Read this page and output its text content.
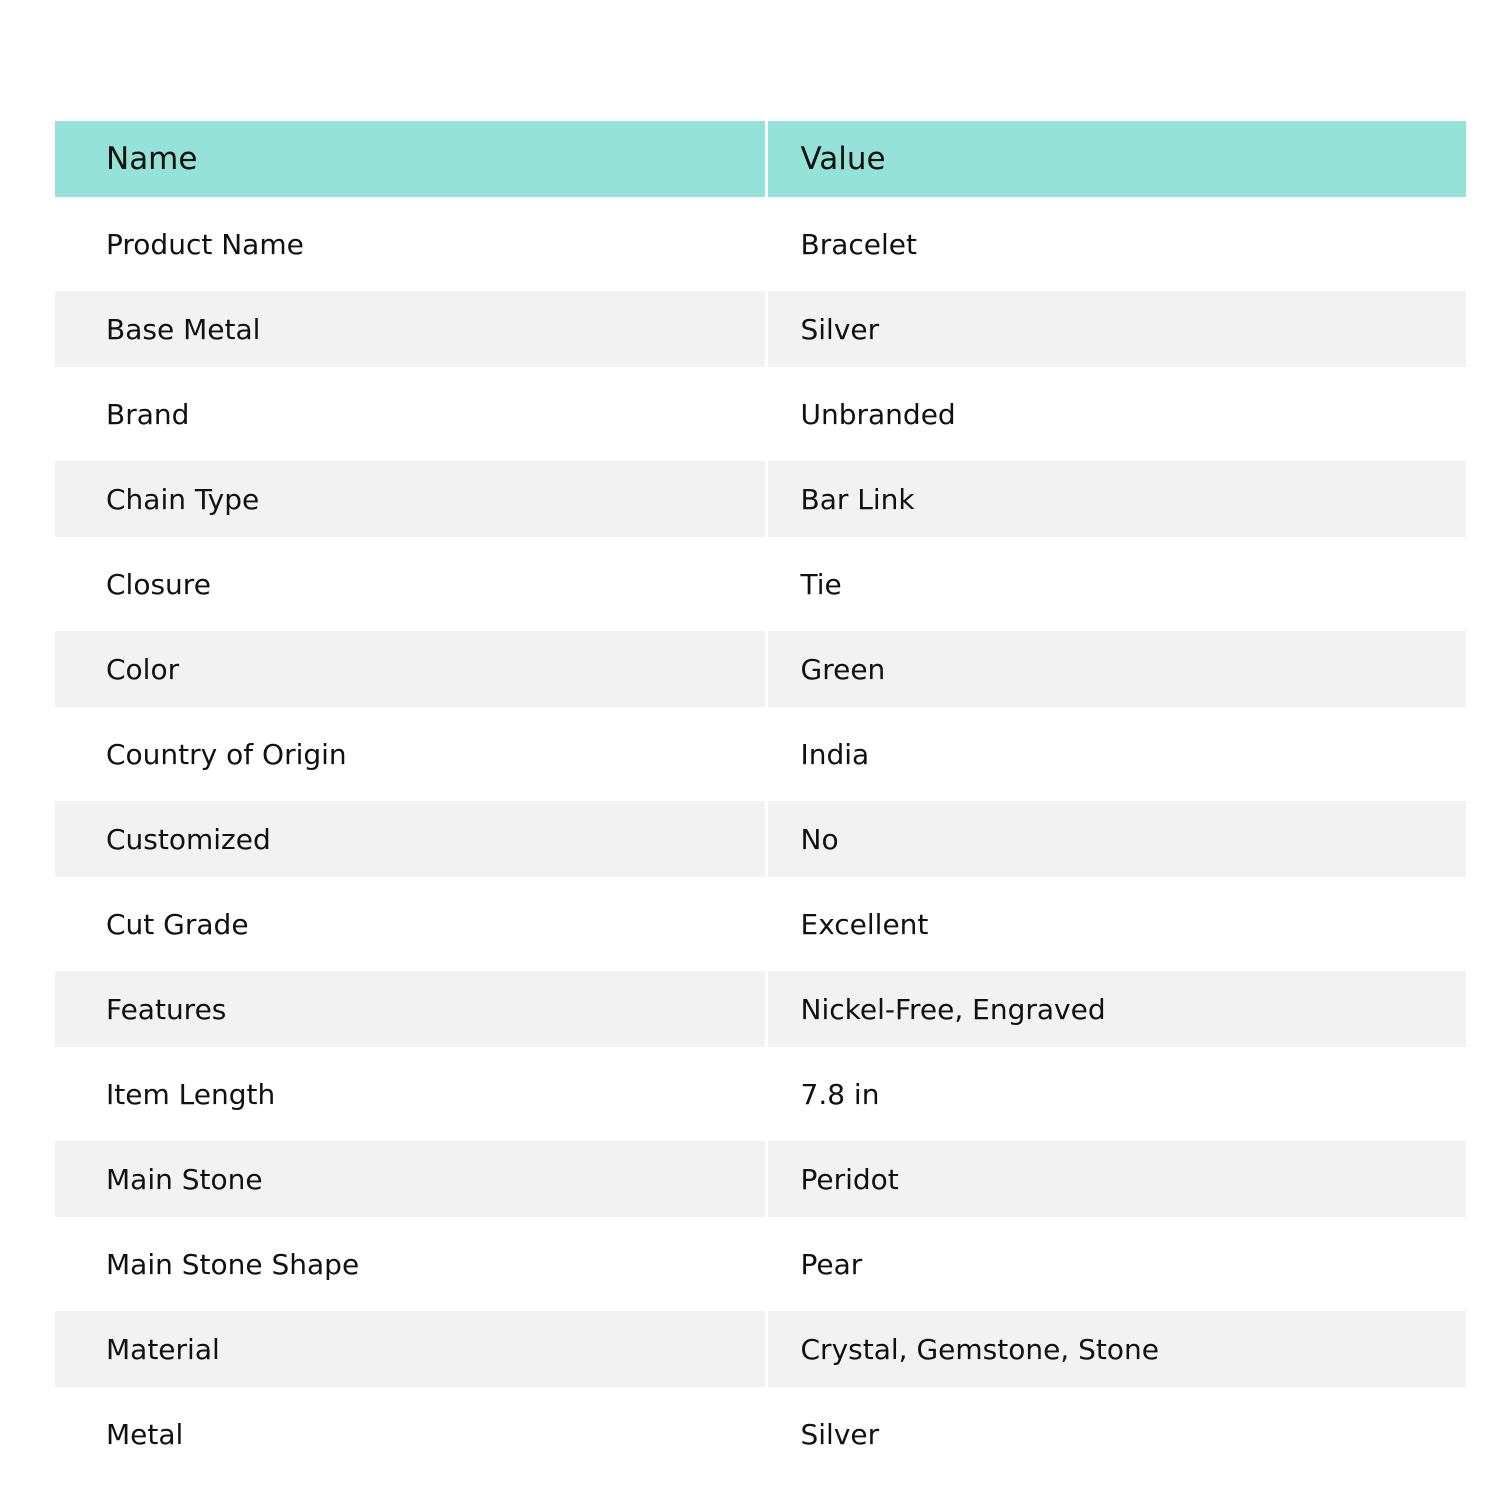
Name	Value
Product Name	Bracelet
Base Metal	Silver
Brand	Unbranded
Chain Type	Bar Link
Closure	Tie
Color	Green
Country of Origin	India
Customized	No
Cut Grade	Excellent
Features	Nickel-Free, Engraved
Item Length	7.8 in
Main Stone	Peridot
Main Stone Shape	Pear
Material	Crystal, Gemstone, Stone
Metal	Silver
